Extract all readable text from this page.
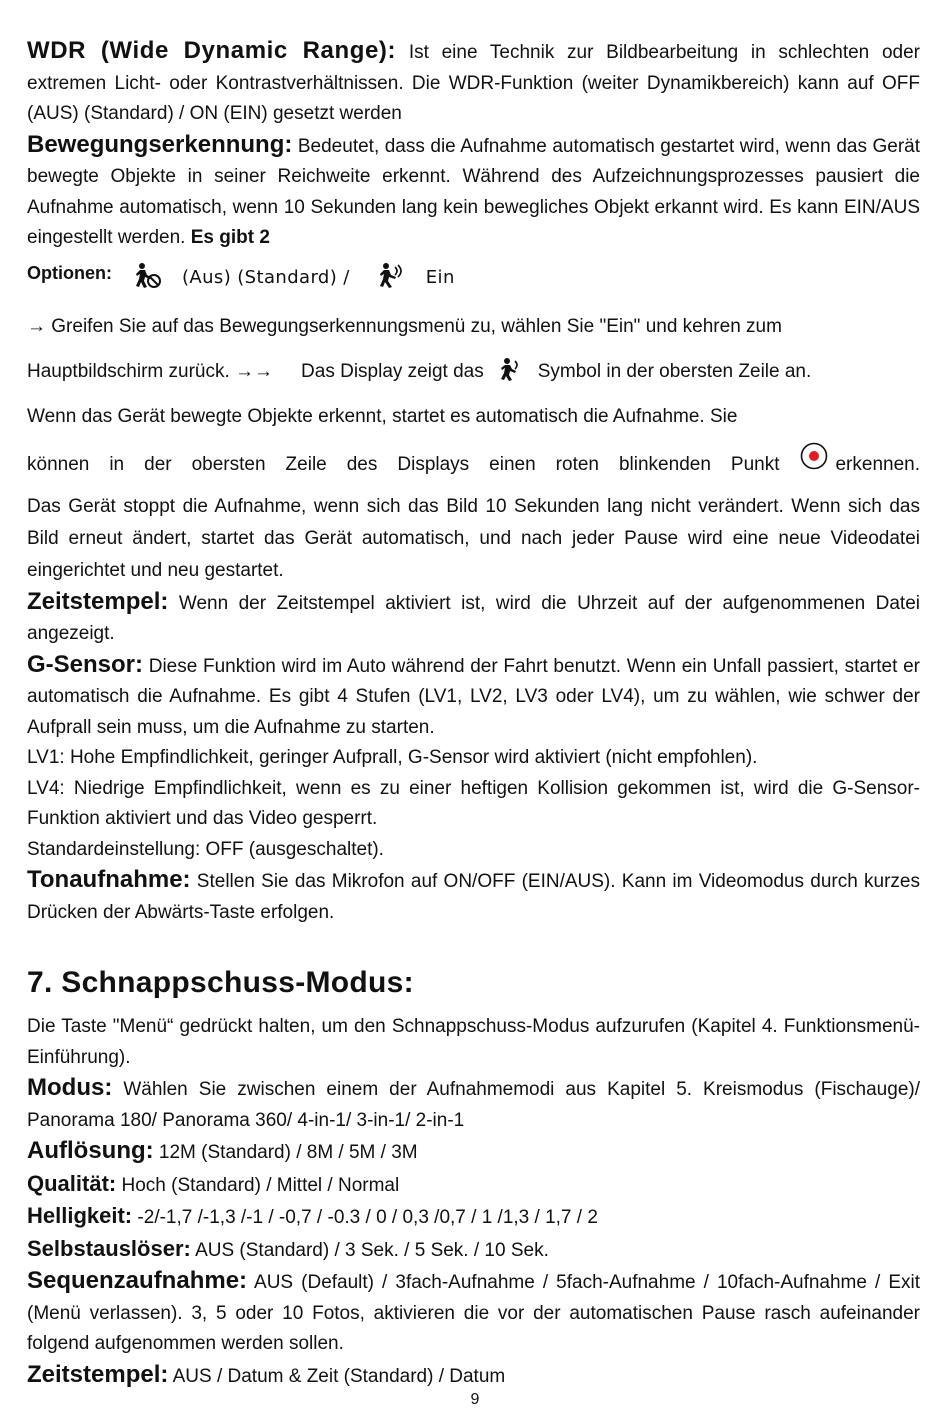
WDR (Wide Dynamic Range): Ist eine Technik zur Bildbearbeitung in schlechten oder extremen Licht- oder Kontrastverhältnissen. Die WDR-Funktion (weiter Dynamikbereich) kann auf OFF (AUS) (Standard) / ON (EIN) gesetzt werden

Bewegungserkennung: Bedeutet, dass die Aufnahme automatisch gestartet wird, wenn das Gerät bewegte Objekte in seiner Reichweite erkennt. Während des Aufzeichnungsprozesses pausiert die Aufnahme automatisch, wenn 10 Sekunden lang kein bewegliches Objekt erkannt wird. Es kann EIN/AUS eingestellt werden. Es gibt 2

Optionen:	(Aus) (Standard) /	Ein

→ Greifen Sie auf das Bewegungserkennungsmenü zu, wählen Sie "Ein" und kehren zum

Hauptbildschirm zurück. →→ Das Display zeigt das	Symbol in der obersten Zeile an.

Wenn das Gerät bewegte Objekte erkennt, startet es automatisch die Aufnahme. Sie

können in der obersten Zeile des Displays einen roten blinkenden Punkt	erkennen.

Das Gerät stoppt die Aufnahme, wenn sich das Bild 10 Sekunden lang nicht verändert. Wenn sich das Bild erneut ändert, startet das Gerät automatisch, und nach jeder Pause wird eine neue Videodatei eingerichtet und neu gestartet.

Zeitstempel: Wenn der Zeitstempel aktiviert ist, wird die Uhrzeit auf der aufgenommenen Datei angezeigt.

G-Sensor: Diese Funktion wird im Auto während der Fahrt benutzt. Wenn ein Unfall passiert, startet er automatisch die Aufnahme. Es gibt 4 Stufen (LV1, LV2, LV3 oder LV4), um zu wählen, wie schwer der Aufprall sein muss, um die Aufnahme zu starten.

LV1: Hohe Empfindlichkeit, geringer Aufprall, G-Sensor wird aktiviert (nicht empfohlen).

LV4: Niedrige Empfindlichkeit, wenn es zu einer heftigen Kollision gekommen ist, wird die G-Sensor-Funktion aktiviert und das Video gesperrt.

Standardeinstellung: OFF (ausgeschaltet).

Tonaufnahme: Stellen Sie das Mikrofon auf ON/OFF (EIN/AUS). Kann im Videomodus durch kurzes Drücken der Abwärts-Taste erfolgen.

7. Schnappschuss-Modus:

Die Taste "Menü“ gedrückt halten, um den Schnappschuss-Modus aufzurufen (Kapitel 4. Funktionsmenü-Einführung).

Modus: Wählen Sie zwischen einem der Aufnahmemodi aus Kapitel 5. Kreismodus (Fischauge)/ Panorama 180/ Panorama 360/ 4-in-1/ 3-in-1/ 2-in-1

Auflösung: 12M (Standard) / 8M / 5M / 3M

Qualität: Hoch (Standard) / Mittel / Normal

Helligkeit: -2/-1,7 /-1,3 /-1 / -0,7 / -0.3 / 0 / 0,3 /0,7 / 1 /1,3 / 1,7 / 2

Selbstauslöser: AUS (Standard) / 3 Sek. / 5 Sek. / 10 Sek.

Sequenzaufnahme: AUS (Default) / 3fach-Aufnahme / 5fach-Aufnahme / 10fach-Aufnahme / Exit (Menü verlassen). 3, 5 oder 10 Fotos, aktivieren die vor der automatischen Pause rasch aufeinander folgend aufgenommen werden sollen.

Zeitstempel: AUS / Datum & Zeit (Standard) / Datum

9
